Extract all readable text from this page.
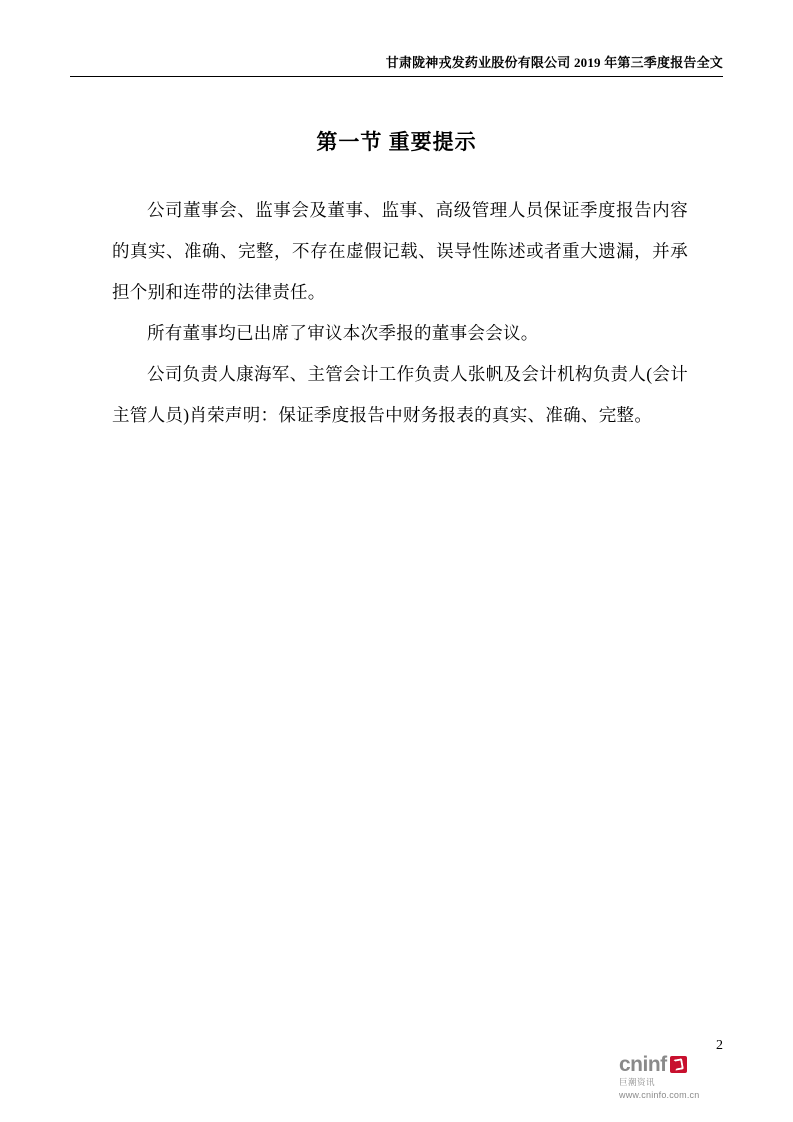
甘肃陇神戎发药业股份有限公司 2019 年第三季度报告全文
第一节 重要提示

公司董事会、监事会及董事、监事、高级管理人员保证季度报告内容的真实、准确、完整，不存在虚假记载、误导性陈述或者重大遗漏，并承担个别和连带的法律责任。

所有董事均已出席了审议本次季报的董事会会议。

公司负责人康海军、主管会计工作负责人张帆及会计机构负责人(会计主管人员)肖荣声明：保证季度报告中财务报表的真实、准确、完整。

2
cninf
巨潮资讯
www.cninfo.com.cn
